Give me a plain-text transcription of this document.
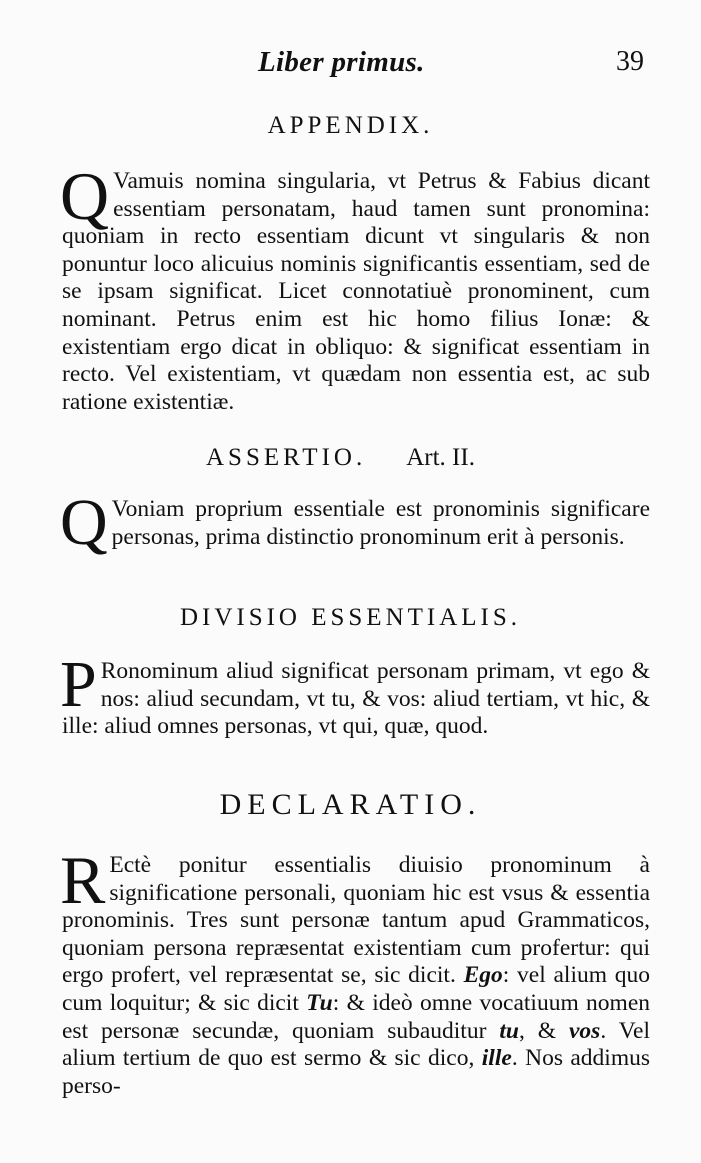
Liber primus.	39
APPENDIX.

Q Vamuis nomina singularia, vt Petrus & Fabius dicant essentiam personatam, haud tamen sunt pronomina: quoniam in recto essentiam dicunt vt singularis & non ponuntur loco alicuius nominis significantis essentiam, sed de se ipsam significat. Licet connotatiuè pronominent, cum nominant. Petrus enim est hic homo filius Ionæ: & existentiam ergo dicat in obliquo: & significat essentiam in recto. Vel existentiam, vt quædam non essentia est, ac sub ratione existentiæ.

ASSERTIO. Art. II.

Q Voniam proprium essentiale est pronominis significare personas, prima distinctio pronominum erit à personis.

DIVISIO ESSENTIALIS.

P Ronominum aliud significat personam primam, vt ego & nos: aliud secundam, vt tu, & vos: aliud tertiam, vt hic, & ille: aliud omnes personas, vt qui, quæ, quod.

DECLARATIO.

R Ectè ponitur essentialis diuisio pronominum à significatione personali, quoniam hic est vsus & essentia pronominis. Tres sunt personæ tantum apud Grammaticos, quoniam persona repræsentat existentiam cum profertur: qui ergo profert, vel repræsentat se, sic dicit. Ego: vel alium quo cum loquitur; & sic dicit Tu: & ideò omne vocatiuum nomen est personæ secundæ, quoniam subauditur tu, & vos. Vel alium tertium de quo est sermo & sic dico, ille. Nos addimus perso-
